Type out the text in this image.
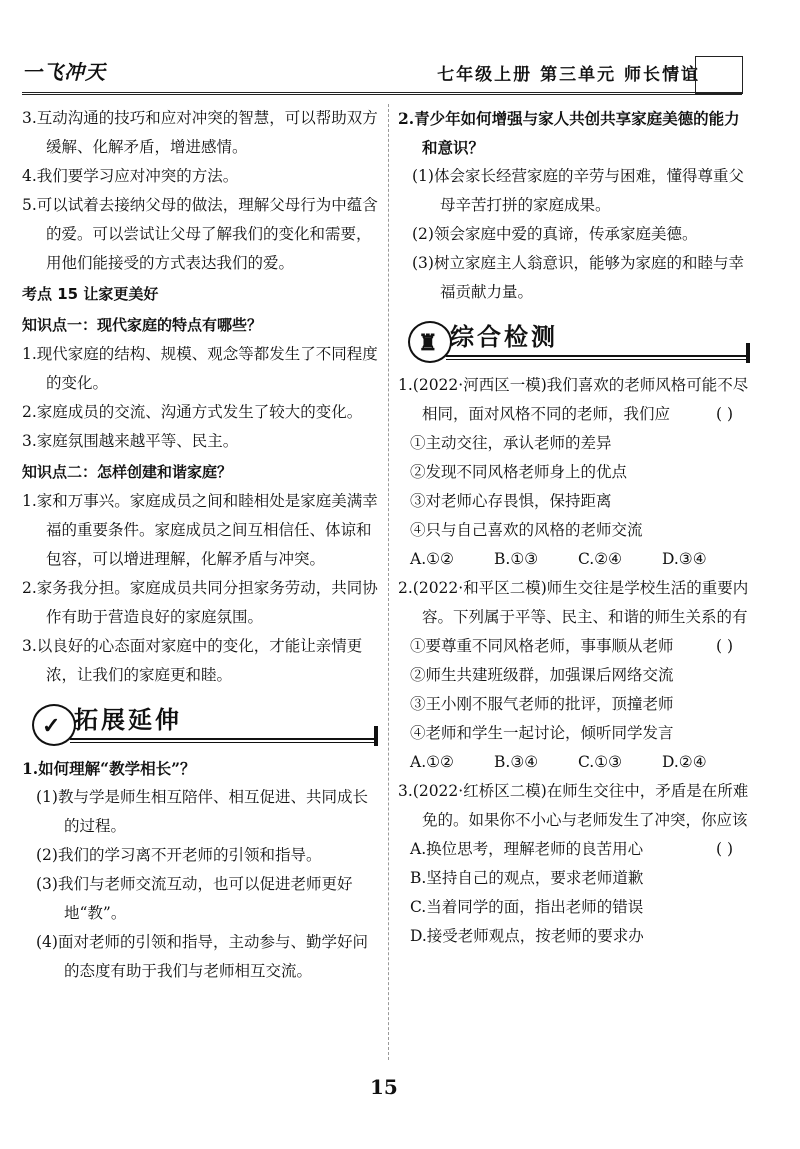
一飞冲天	七年级上册 第三单元 师长情谊

3.互动沟通的技巧和应对冲突的智慧，可以帮助双方缓解、化解矛盾，增进感情。

4.我们要学习应对冲突的方法。

5.可以试着去接纳父母的做法，理解父母行为中蕴含的爱。可以尝试让父母了解我们的变化和需要，用他们能接受的方式表达我们的爱。

考点 15 让家更美好

知识点一：现代家庭的特点有哪些？

1.现代家庭的结构、规模、观念等都发生了不同程度的变化。

2.家庭成员的交流、沟通方式发生了较大的变化。

3.家庭氛围越来越平等、民主。

知识点二：怎样创建和谐家庭？

1.家和万事兴。家庭成员之间和睦相处是家庭美满幸福的重要条件。家庭成员之间互相信任、体谅和包容，可以增进理解，化解矛盾与冲突。

2.家务我分担。家庭成员共同分担家务劳动，共同协作有助于营造良好的家庭氛围。

3.以良好的心态面对家庭中的变化，才能让亲情更浓，让我们的家庭更和睦。

✓ 拓展延伸

1.如何理解“教学相长”？

(1)教与学是师生相互陪伴、相互促进、共同成长的过程。

(2)我们的学习离不开老师的引领和指导。

(3)我们与老师交流互动，也可以促进老师更好地“教”。

(4)面对老师的引领和指导，主动参与、勤学好问的态度有助于我们与老师相互交流。

2.青少年如何增强与家人共创共享家庭美德的能力和意识？

(1)体会家长经营家庭的辛劳与困难，懂得尊重父母辛苦打拼的家庭成果。

(2)领会家庭中爱的真谛，传承家庭美德。

(3)树立家庭主人翁意识，能够为家庭的和睦与幸福贡献力量。

♜ 综合检测

1.(2022·河西区一模)我们喜欢的老师风格可能不尽相同，面对风格不同的老师，我们应	( )

①主动交往，承认老师的差异

②发现不同风格老师身上的优点

③对老师心存畏惧，保持距离

④只与自己喜欢的风格的老师交流

A.①②	B.①③	C.②④	D.③④

2.(2022·和平区二模)师生交往是学校生活的重要内容。下列属于平等、民主、和谐的师生关系的有
( )

①要尊重不同风格老师，事事顺从老师

②师生共建班级群，加强课后网络交流

③王小刚不服气老师的批评，顶撞老师

④老师和学生一起讨论，倾听同学发言

A.①②	B.③④	C.①③	D.②④

3.(2022·红桥区二模)在师生交往中，矛盾是在所难免的。如果你不小心与老师发生了冲突，你应该
( )

A.换位思考，理解老师的良苦用心

B.坚持自己的观点，要求老师道歉

C.当着同学的面，指出老师的错误

D.接受老师观点，按老师的要求办

15
